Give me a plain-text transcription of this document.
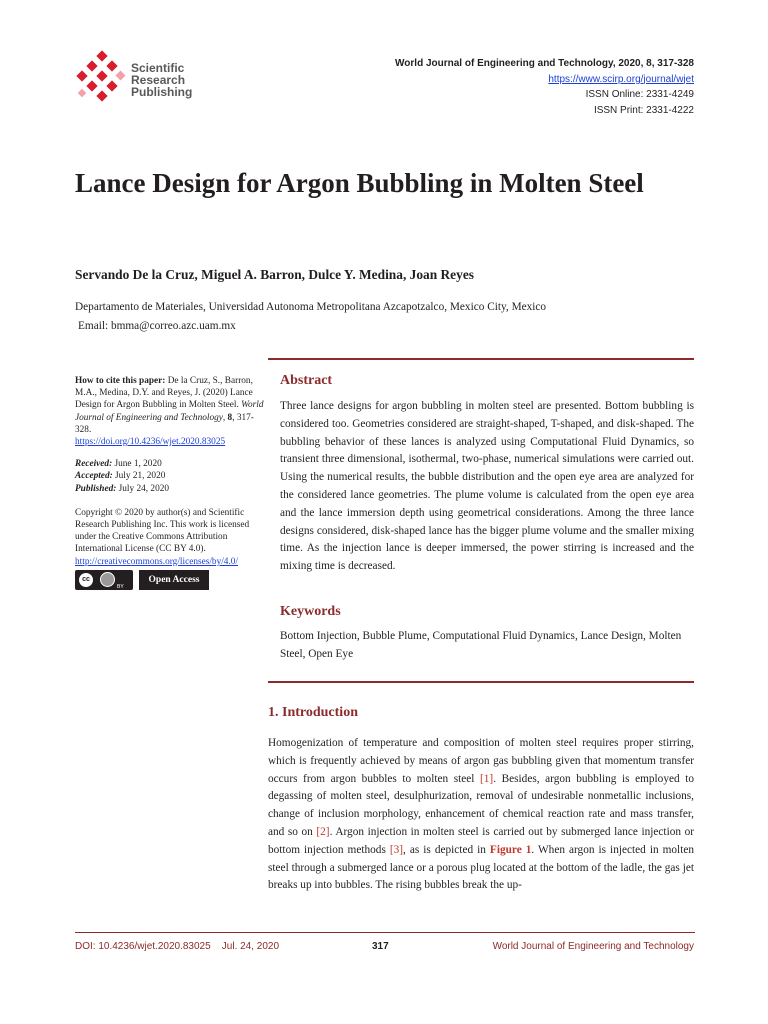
Scientific
Research
Publishing
World Journal of Engineering and Technology, 2020, 8, 317-328
https://www.scirp.org/journal/wjet
ISSN Online: 2331-4249
ISSN Print: 2331-4222
Lance Design for Argon Bubbling in Molten Steel
Servando De la Cruz, Miguel A. Barron, Dulce Y. Medina, Joan Reyes
Departamento de Materiales, Universidad Autonoma Metropolitana Azcapotzalco, Mexico City, Mexico
Email: bmma@correo.azc.uam.mx

How to cite this paper: De la Cruz, S., Barron, M.A., Medina, D.Y. and Reyes, J. (2020) Lance Design for Argon Bubbling in Molten Steel. World Journal of Engineering and Technology, 8, 317-328.
https://doi.org/10.4236/wjet.2020.83025

Received: June 1, 2020
Accepted: July 21, 2020
Published: July 24, 2020

Copyright © 2020 by author(s) and Scientific Research Publishing Inc. This work is licensed under the Creative Commons Attribution International License (CC BY 4.0).
http://creativecommons.org/licenses/by/4.0/

cc
BY
Open Access
Abstract

Three lance designs for argon bubbling in molten steel are presented. Bottom bubbling is considered too. Geometries considered are straight-shaped, T-shaped, and disk-shaped. The bubbling behavior of these lances is analyzed using Computational Fluid Dynamics, so transient three dimensional, isothermal, two-phase, numerical simulations were carried out. Using the numerical results, the bubble distribution and the open eye area are analyzed for the considered lance geometries. The plume volume is calculated from the open eye area and the lance immersion depth using geometrical considerations. Among the three lance designs considered, disk-shaped lance has the bigger plume volume and the smaller mixing time. As the injection lance is deeper immersed, the power stirring is increased and the mixing time is decreased.

Keywords

Bottom Injection, Bubble Plume, Computational Fluid Dynamics, Lance Design, Molten Steel, Open Eye

1. Introduction

Homogenization of temperature and composition of molten steel requires proper stirring, which is frequently achieved by means of argon gas bubbling given that momentum transfer occurs from argon bubbles to molten steel [1]. Besides, argon bubbling is employed to degassing of molten steel, desulphurization, removal of undesirable nonmetallic inclusions, change of inclusion morphology, enhancement of chemical reaction rate and mass transfer, and so on [2]. Argon injection in molten steel is carried out by submerged lance injection or bottom injection methods [3], as is depicted in Figure 1. When argon is injected in molten steel through a submerged lance or a porous plug located at the bottom of the ladle, the gas jet breaks up into bubbles. The rising bubbles break the up-

DOI: 10.4236/wjet.2020.83025 Jul. 24, 2020	317	World Journal of Engineering and Technology
